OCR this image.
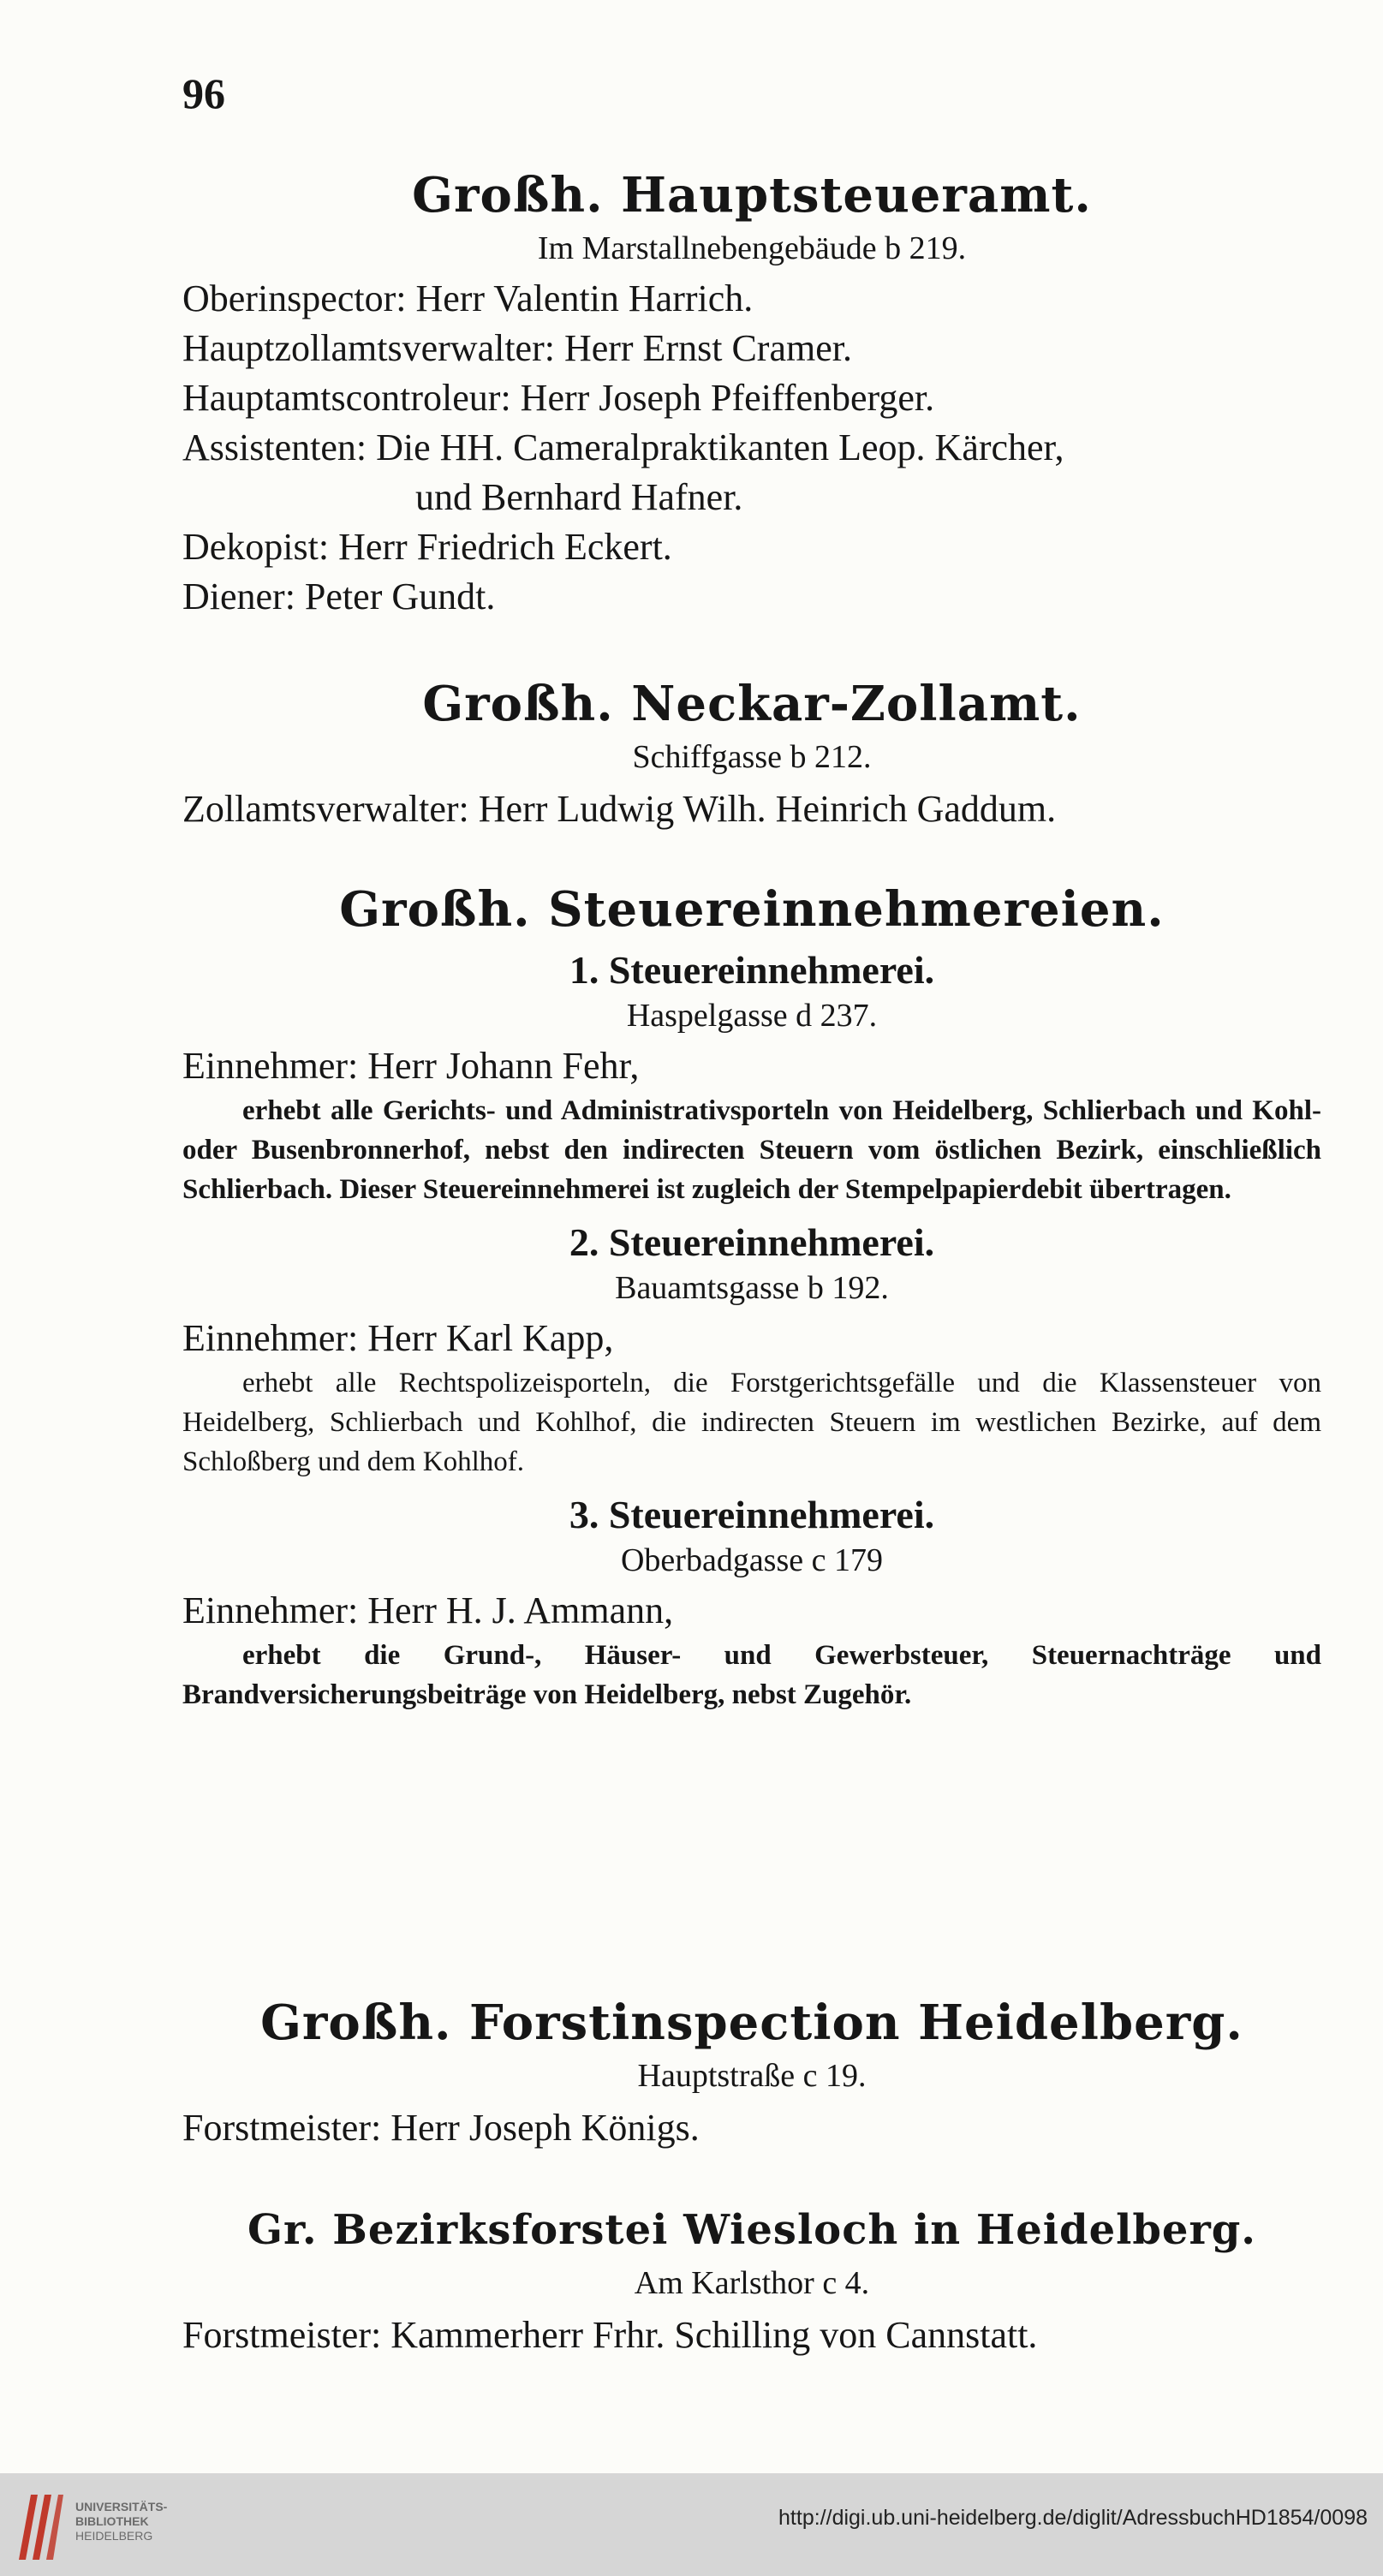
96
Großh. Hauptsteueramt.
Im Marstallnebengebäude b 219.
Oberinspector: Herr Valentin Harrich.
Hauptzollamtsverwalter: Herr Ernst Cramer.
Hauptamtscontroleur: Herr Joseph Pfeiffenberger.
Assistenten: Die HH. Cameralpraktikanten Leop. Kärcher,
und Bernhard Hafner.
Dekopist: Herr Friedrich Eckert.
Diener: Peter Gundt.
Großh. Neckar-Zollamt.
Schiffgasse b 212.
Zollamtsverwalter: Herr Ludwig Wilh. Heinrich Gaddum.
Großh. Steuereinnehmereien.
1. Steuereinnehmerei.
Haspelgasse d 237.
Einnehmer: Herr Johann Fehr,
erhebt alle Gerichts- und Administrativsporteln von Heidelberg, Schlierbach und Kohl- oder Busenbronnerhof, nebst den indirecten Steuern vom östlichen Bezirk, einschließlich Schlierbach. Dieser Steuereinnehmerei ist zugleich der Stempelpapierdebit übertragen.
2. Steuereinnehmerei.
Bauamtsgasse b 192.
Einnehmer: Herr Karl Kapp,
erhebt alle Rechtspolizeisporteln, die Forstgerichtsgefälle und die Klassensteuer von Heidelberg, Schlierbach und Kohlhof, die indirecten Steuern im westlichen Bezirke, auf dem Schloßberg und dem Kohlhof.
3. Steuereinnehmerei.
Oberbadgasse c 179
Einnehmer: Herr H. J. Ammann,
erhebt die Grund-, Häuser- und Gewerbsteuer, Steuernachträge und Brandversicherungsbeiträge von Heidelberg, nebst Zugehör.
Großh. Forstinspection Heidelberg.
Hauptstraße c 19.
Forstmeister: Herr Joseph Königs.
Gr. Bezirksforstei Wiesloch in Heidelberg.
Am Karlsthor c 4.
Forstmeister: Kammerherr Frhr. Schilling von Cannstatt.
UNIVERSITÄTS-
BIBLIOTHEK
HEIDELBERG
http://digi.ub.uni-heidelberg.de/diglit/AdressbuchHD1854/0098
